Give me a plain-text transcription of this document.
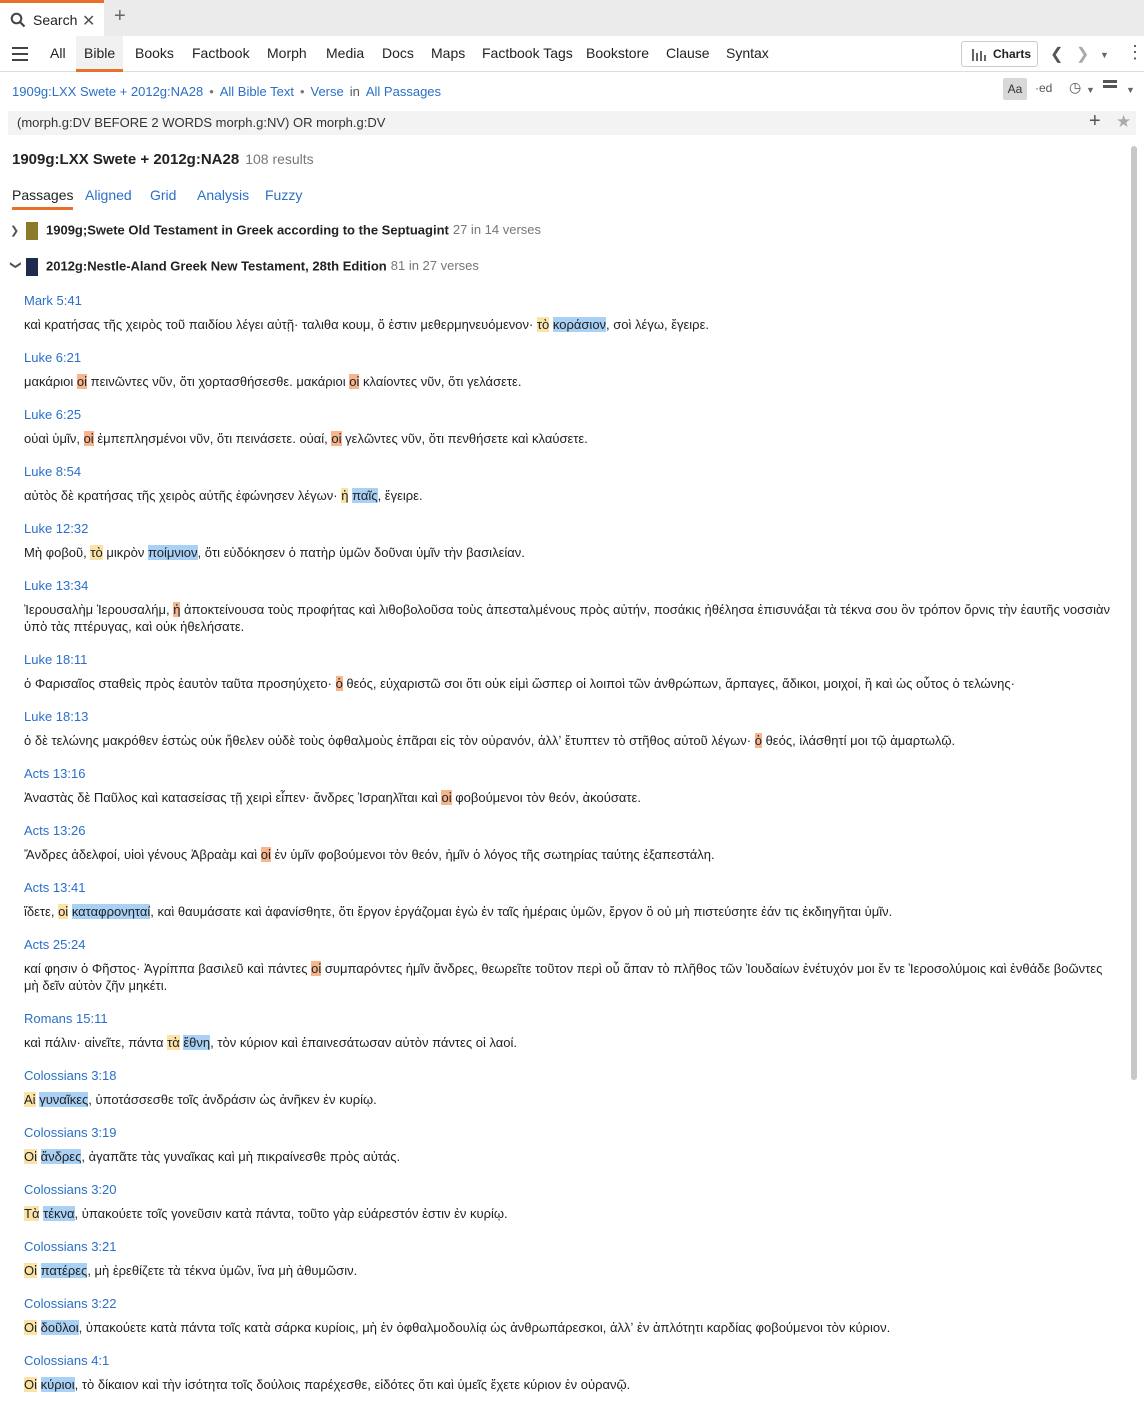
Search ✕ +
All	Bible	Books	Factbook	Morph	Media	Docs	Maps	Factbook Tags Bookstore	Clause	Syntax	Charts ❮ ❯ ▼ ⋮
1909g:LXX Swete + 2012g:NA28 • All Bible Text • Verse in All Passages	Aa	·ed ◷ ▼	▼
(morph.g:DV BEFORE 2 WORDS morph.g:NV) OR morph.g:DV	+ ★
1909g:LXX Swete + 2012g:NA28 108 results
Passages Aligned Grid Analysis Fuzzy
❯ 1909g;Swete Old Testament in Greek according to the Septuagint 27 in 14 verses
❯ 2012g:Nestle-Aland Greek New Testament, 28th Edition 81 in 27 verses
Mark 5:41
καὶ κρατήσας τῆς χειρὸς τοῦ παιδίου λέγει αὐτῇ· ταλιθα κουμ, ὅ ἐστιν μεθερμηνευόμενον· τὸ κοράσιον, σοὶ λέγω, ἔγειρε.
Luke 6:21
μακάριοι οἱ πεινῶντες νῦν, ὅτι χορτασθήσεσθε. μακάριοι οἱ κλαίοντες νῦν, ὅτι γελάσετε.
Luke 6:25
οὐαὶ ὑμῖν, οἱ ἐμπεπλησμένοι νῦν, ὅτι πεινάσετε. οὐαί, οἱ γελῶντες νῦν, ὅτι πενθήσετε καὶ κλαύσετε.
Luke 8:54
αὐτὸς δὲ κρατήσας τῆς χειρὸς αὐτῆς ἐφώνησεν λέγων· ἡ παῖς, ἔγειρε.
Luke 12:32
Μὴ φοβοῦ, τὸ μικρὸν ποίμνιον, ὅτι εὐδόκησεν ὁ πατὴρ ὑμῶν δοῦναι ὑμῖν τὴν βασιλείαν.
Luke 13:34
Ἰερουσαλὴμ Ἰερουσαλήμ, ἡ ἀποκτείνουσα τοὺς προφήτας καὶ λιθοβολοῦσα τοὺς ἀπεσταλμένους πρὸς αὐτήν, ποσάκις ἠθέλησα ἐπισυνάξαι τὰ τέκνα σου ὃν τρόπον ὄρνις τὴν ἑαυτῆς νοσσιὰν ὑπὸ τὰς πτέρυγας, καὶ οὐκ ἠθελήσατε.
Luke 18:11
ὁ Φαρισαῖος σταθεὶς πρὸς ἑαυτὸν ταῦτα προσηύχετο· ὁ θεός, εὐχαριστῶ σοι ὅτι οὐκ εἰμὶ ὥσπερ οἱ λοιποὶ τῶν ἀνθρώπων, ἅρπαγες, ἄδικοι, μοιχοί, ἢ καὶ ὡς οὗτος ὁ τελώνης·
Luke 18:13
ὁ δὲ τελώνης μακρόθεν ἑστὼς οὐκ ἤθελεν οὐδὲ τοὺς ὀφθαλμοὺς ἐπᾶραι εἰς τὸν οὐρανόν, ἀλλʼ ἔτυπτεν τὸ στῆθος αὐτοῦ λέγων· ὁ θεός, ἱλάσθητί μοι τῷ ἁμαρτωλῷ.
Acts 13:16
Ἀναστὰς δὲ Παῦλος καὶ κατασείσας τῇ χειρὶ εἶπεν· ἄνδρες Ἰσραηλῖται καὶ οἱ φοβούμενοι τὸν θεόν, ἀκούσατε.
Acts 13:26
Ἄνδρες ἀδελφοί, υἱοὶ γένους Ἀβραὰμ καὶ οἱ ἐν ὑμῖν φοβούμενοι τὸν θεόν, ἡμῖν ὁ λόγος τῆς σωτηρίας ταύτης ἐξαπεστάλη.
Acts 13:41
ἴδετε, οἱ καταφρονηταί, καὶ θαυμάσατε καὶ ἀφανίσθητε, ὅτι ἔργον ἐργάζομαι ἐγὼ ἐν ταῖς ἡμέραις ὑμῶν, ἔργον ὃ οὐ μὴ πιστεύσητε ἐάν τις ἐκδιηγῆται ὑμῖν.
Acts 25:24
καί φησιν ὁ Φῆστος· Ἀγρίππα βασιλεῦ καὶ πάντες οἱ συμπαρόντες ἡμῖν ἄνδρες, θεωρεῖτε τοῦτον περὶ οὗ ἅπαν τὸ πλῆθος τῶν Ἰουδαίων ἐνέτυχόν μοι ἔν τε Ἱεροσολύμοις καὶ ἐνθάδε βοῶντες μὴ δεῖν αὐτὸν ζῆν μηκέτι.
Romans 15:11
καὶ πάλιν· αἰνεῖτε, πάντα τὰ ἔθνη, τὸν κύριον καὶ ἐπαινεσάτωσαν αὐτὸν πάντες οἱ λαοί.
Colossians 3:18
Αἱ γυναῖκες, ὑποτάσσεσθε τοῖς ἀνδράσιν ὡς ἀνῆκεν ἐν κυρίῳ.
Colossians 3:19
Οἱ ἄνδρες, ἀγαπᾶτε τὰς γυναῖκας καὶ μὴ πικραίνεσθε πρὸς αὐτάς.
Colossians 3:20
Τὰ τέκνα, ὑπακούετε τοῖς γονεῦσιν κατὰ πάντα, τοῦτο γὰρ εὐάρεστόν ἐστιν ἐν κυρίῳ.
Colossians 3:21
Οἱ πατέρες, μὴ ἐρεθίζετε τὰ τέκνα ὑμῶν, ἵνα μὴ ἀθυμῶσιν.
Colossians 3:22
Οἱ δοῦλοι, ὑπακούετε κατὰ πάντα τοῖς κατὰ σάρκα κυρίοις, μὴ ἐν ὀφθαλμοδουλίᾳ ὡς ἀνθρωπάρεσκοι, ἀλλʼ ἐν ἁπλότητι καρδίας φοβούμενοι τὸν κύριον.
Colossians 4:1
Οἱ κύριοι, τὸ δίκαιον καὶ τὴν ἰσότητα τοῖς δούλοις παρέχεσθε, εἰδότες ὅτι καὶ ὑμεῖς ἔχετε κύριον ἐν οὐρανῷ.
